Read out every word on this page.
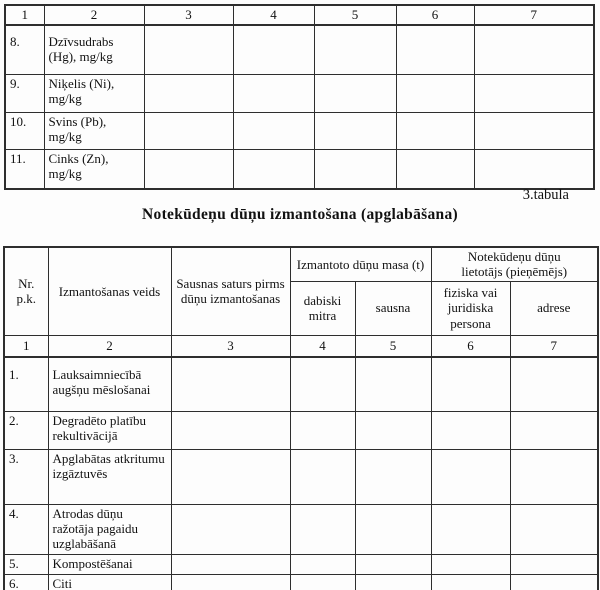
1	2	3	4	5	6	7
8.	Dzīvsudrabs (Hg), mg/kg					
9.	Niķelis (Ni), mg/kg					
10.	Svins (Pb), mg/kg					
11.	Cinks (Zn), mg/kg					
3.tabula
Notekūdeņu dūņu izmantošana (apglabāšana)
Nr. p.k.	Izmantošanas veids	Sausnas saturs pirms dūņu izmantošanas	Izmantoto dūņu masa (t)		Notekūdeņu dūņu lietotājs (pieņēmējs)	
			dabiski mitra	sausna	fiziska vai juridiska persona	adrese
1	2	3	4	5	6	7
1.	Lauksaimniecībā augšņu mēslošanai					
2.	Degradēto platību rekultivācijā					
3.	Apglabātas atkritumu izgāztuvēs					
4.	Atrodas dūņu ražotāja pagaidu uzglabāšanā					
5.	Kompostēšanai					
6.	Citi					
